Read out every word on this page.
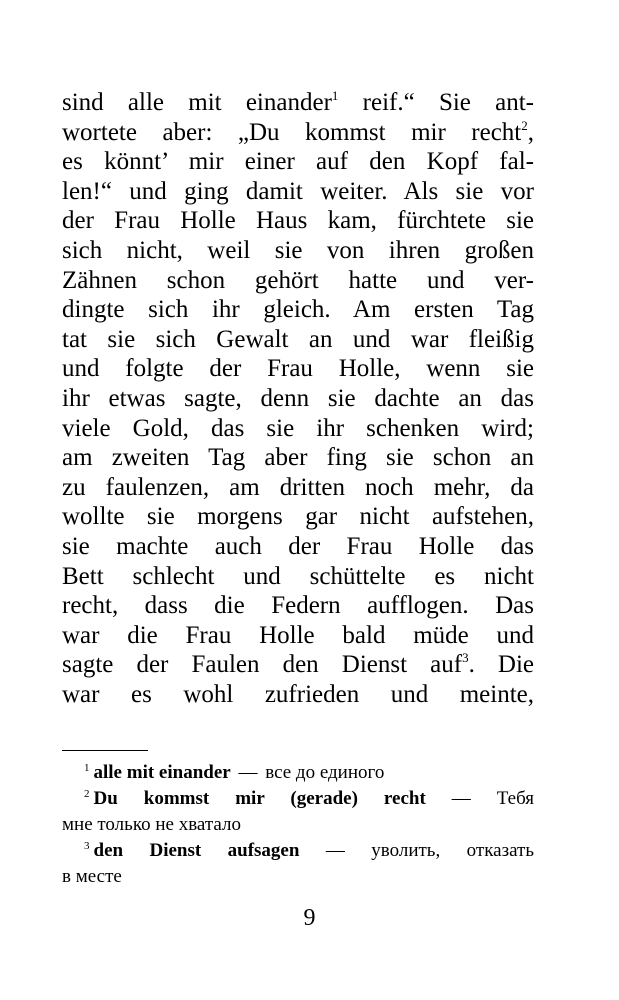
sind alle mit einander$^1$ reif.“ Sie ant-
wortete aber: „Du kommst mir recht$^2$,
es könnt’ mir einer auf den Kopf fal-
len!“ und ging damit weiter. Als sie vor
der Frau Holle Haus kam, fürchtete sie
sich nicht, weil sie von ihren großen
Zähnen schon gehört hatte und ver-
dingte sich ihr gleich. Am ersten Tag
tat sie sich Gewalt an und war fleißig
und folgte der Frau Holle, wenn sie
ihr etwas sagte, denn sie dachte an das
viele Gold, das sie ihr schenken wird;
am zweiten Tag aber fing sie schon an
zu faulenzen, am dritten noch mehr, da
wollte sie morgens gar nicht aufstehen,
sie machte auch der Frau Holle das
Bett schlecht und schüttelte es nicht
recht, dass die Federn aufflogen. Das
war die Frau Holle bald müde und
sagte der Faulen den Dienst auf$^3$. Die
war es wohl zufrieden und meinte,
$^1$ alle mit einander — все до единого
$^2$ Du kommst mir (gerade) recht — Тебя
мне только не хватало
$^3$ den Dienst aufsagen — уволить, отказать
в месте
9
